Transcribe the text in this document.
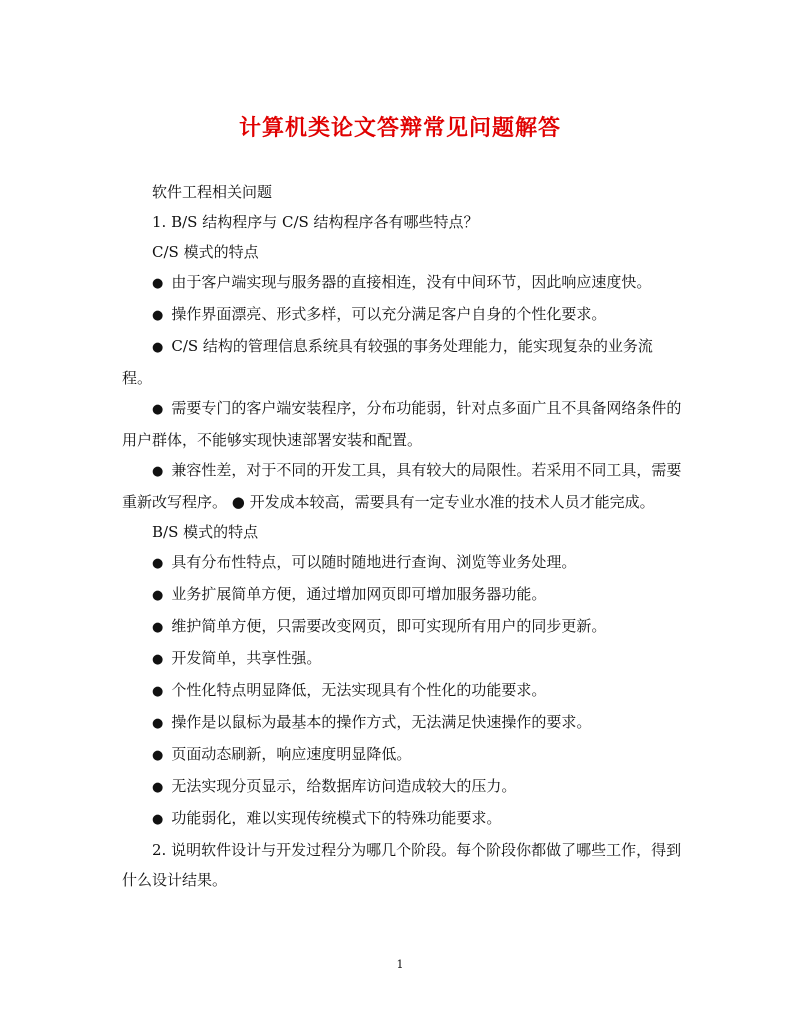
计算机类论文答辩常见问题解答

软件工程相关问题

1. B/S 结构程序与 C/S 结构程序各有哪些特点？

C/S 模式的特点

● 由于客户端实现与服务器的直接相连，没有中间环节，因此响应速度快。

● 操作界面漂亮、形式多样，可以充分满足客户自身的个性化要求。

● C/S 结构的管理信息系统具有较强的事务处理能力，能实现复杂的业务流程。

● 需要专门的客户端安装程序，分布功能弱，针对点多面广且不具备网络条件的用户群体，不能够实现快速部署安装和配置。

● 兼容性差，对于不同的开发工具，具有较大的局限性。若采用不同工具，需要重新改写程序。 ● 开发成本较高，需要具有一定专业水准的技术人员才能完成。

B/S 模式的特点

● 具有分布性特点，可以随时随地进行查询、浏览等业务处理。

● 业务扩展简单方便，通过增加网页即可增加服务器功能。

● 维护简单方便，只需要改变网页，即可实现所有用户的同步更新。

● 开发简单，共享性强。

● 个性化特点明显降低，无法实现具有个性化的功能要求。

● 操作是以鼠标为最基本的操作方式，无法满足快速操作的要求。

● 页面动态刷新，响应速度明显降低。

● 无法实现分页显示，给数据库访问造成较大的压力。

● 功能弱化，难以实现传统模式下的特殊功能要求。

2. 说明软件设计与开发过程分为哪几个阶段。每个阶段你都做了哪些工作，得到什么设计结果。

1
